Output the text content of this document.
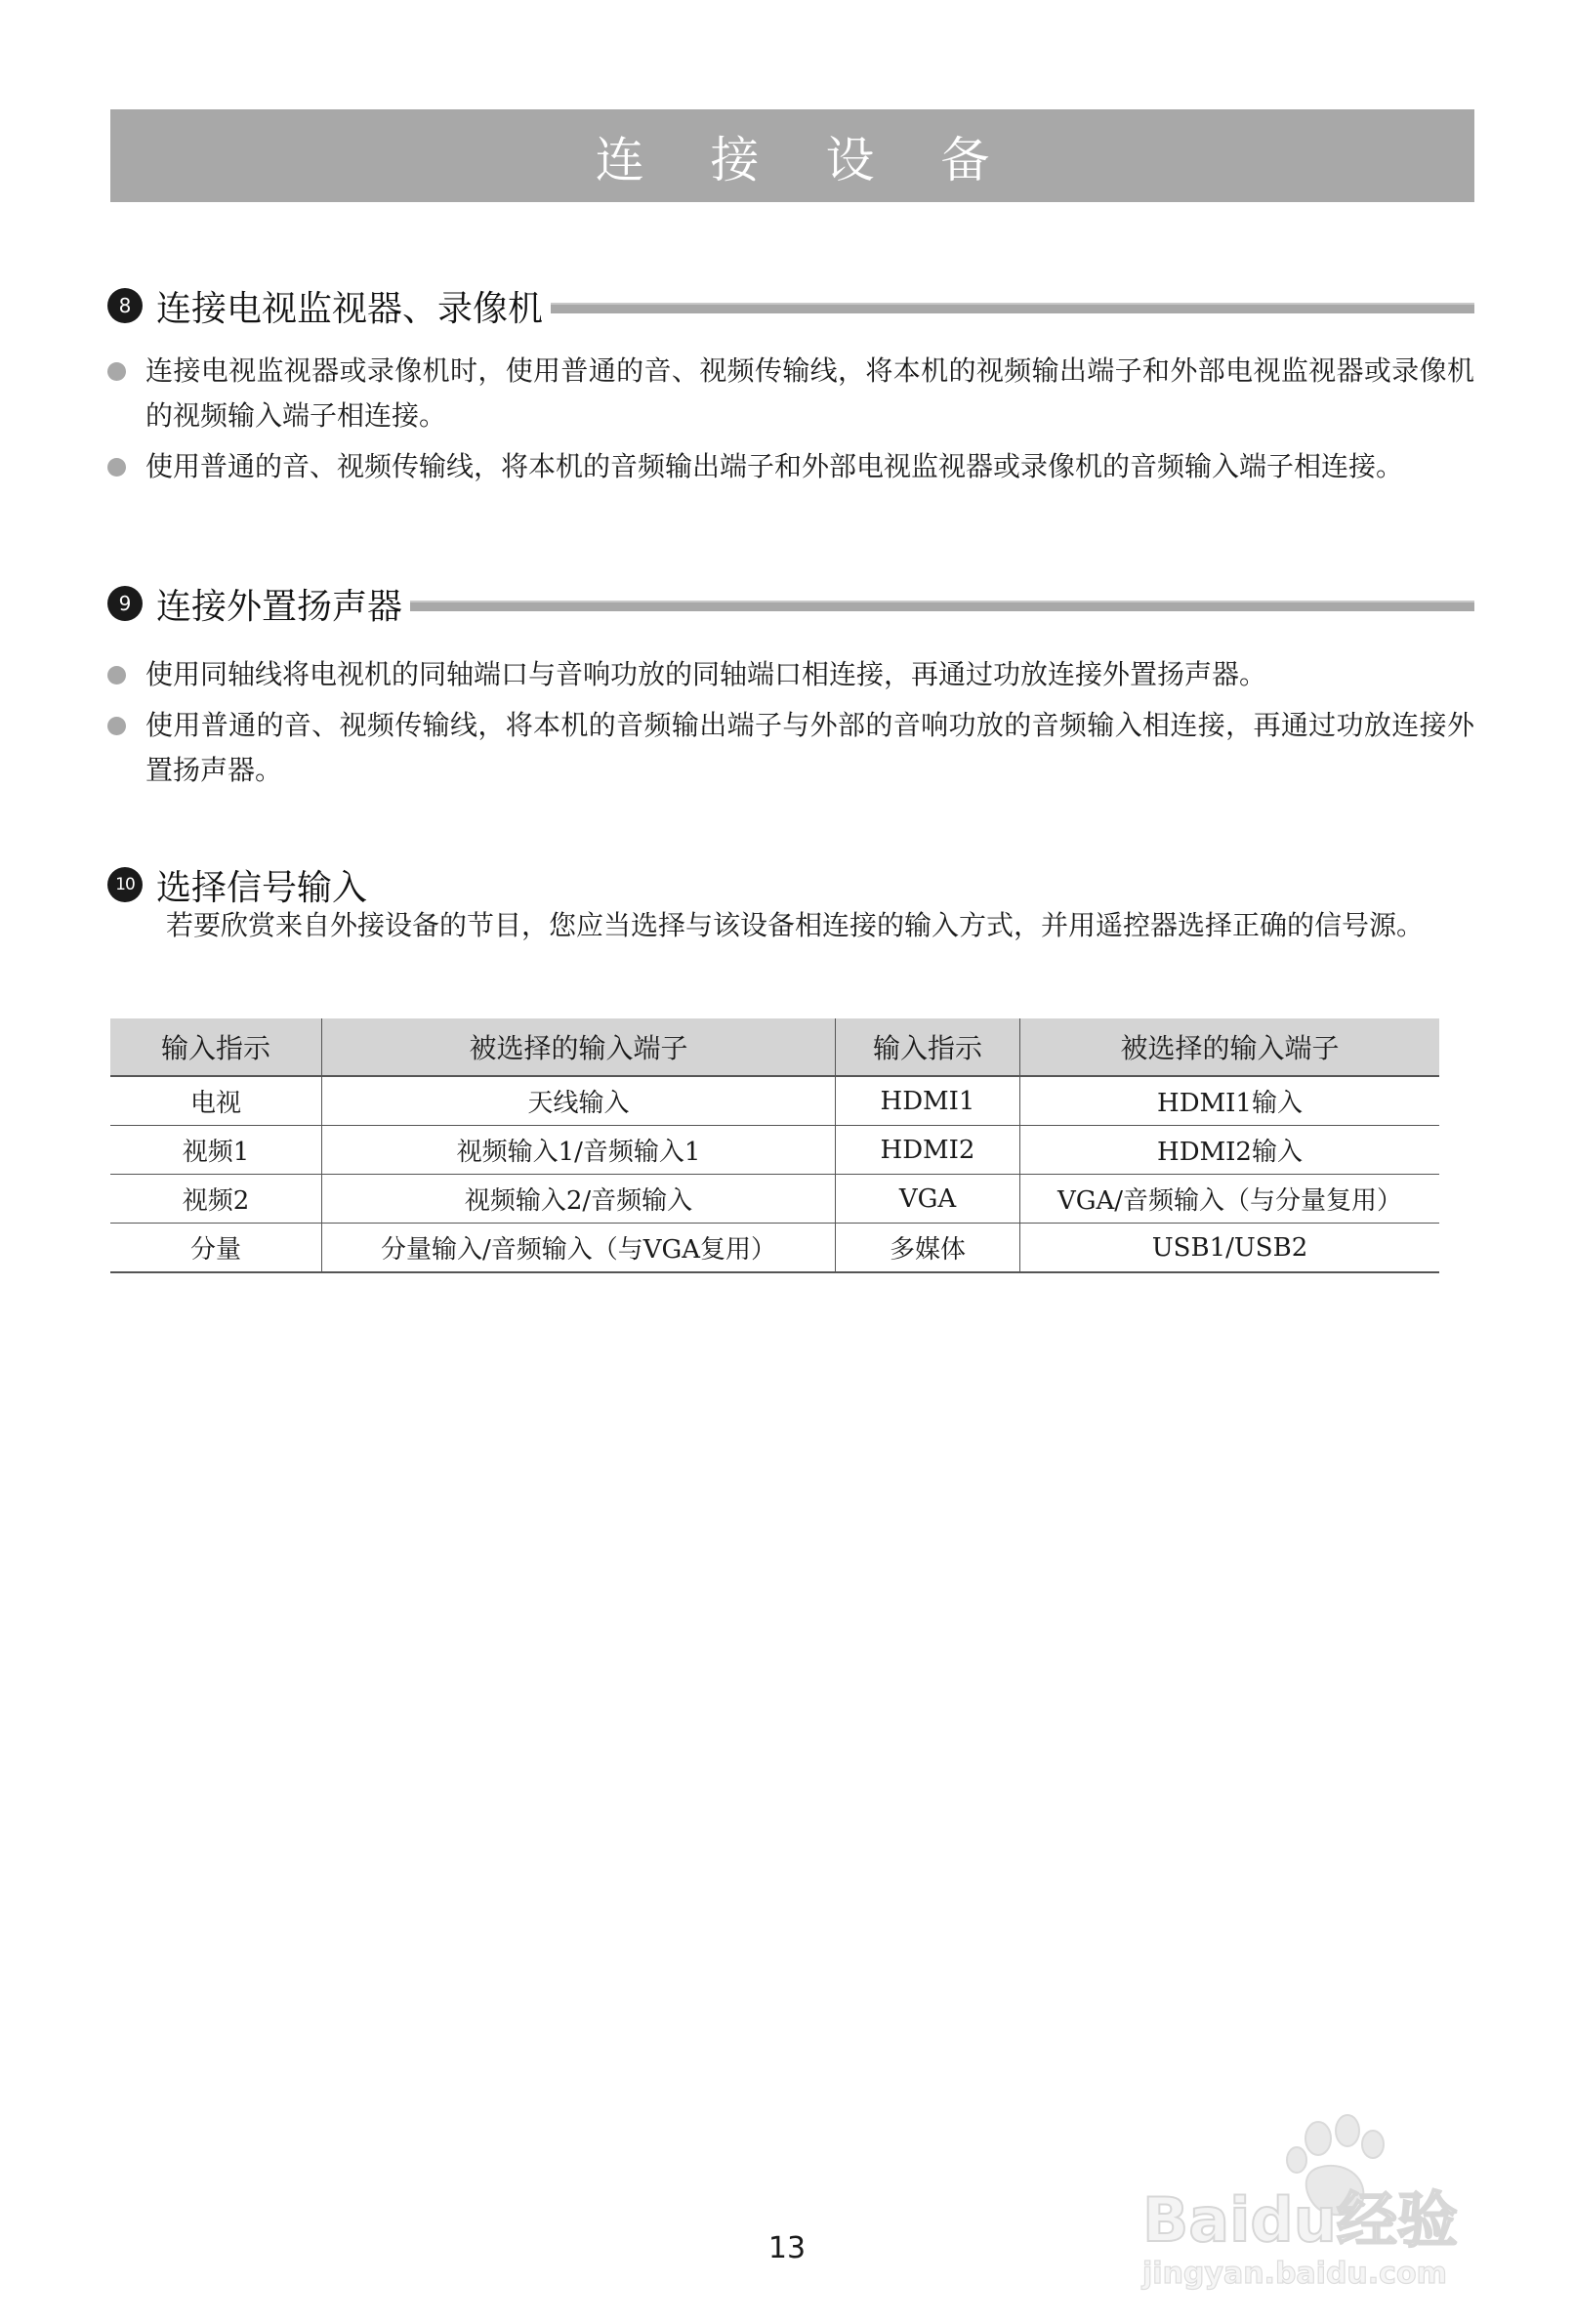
连 接 设 备
8 连接电视监视器、录像机
连接电视监视器或录像机时，使用普通的音、视频传输线，将本机的视频输出端子和外部电视监视器或录像机的视频输入端子相连接。
使用普通的音、视频传输线，将本机的音频输出端子和外部电视监视器或录像机的音频输入端子相连接。
9 连接外置扬声器
使用同轴线将电视机的同轴端口与音响功放的同轴端口相连接，再通过功放连接外置扬声器。
使用普通的音、视频传输线，将本机的音频输出端子与外部的音响功放的音频输入相连接，再通过功放连接外置扬声器。
10 选择信号输入

若要欣赏来自外接设备的节目，您应当选择与该设备相连接的输入方式，并用遥控器选择正确的信号源。

输入指示	被选择的输入端子	输入指示	被选择的输入端子
电视	天线输入	HDMI1	HDMI1输入
视频1	视频输入1/音频输入1	HDMI2	HDMI2输入
视频2	视频输入2/音频输入	VGA	VGA/音频输入（与分量复用）
分量	分量输入/音频输入（与VGA复用）	多媒体	USB1/USB2
Baidu经验
jingyan.baidu.com
13
